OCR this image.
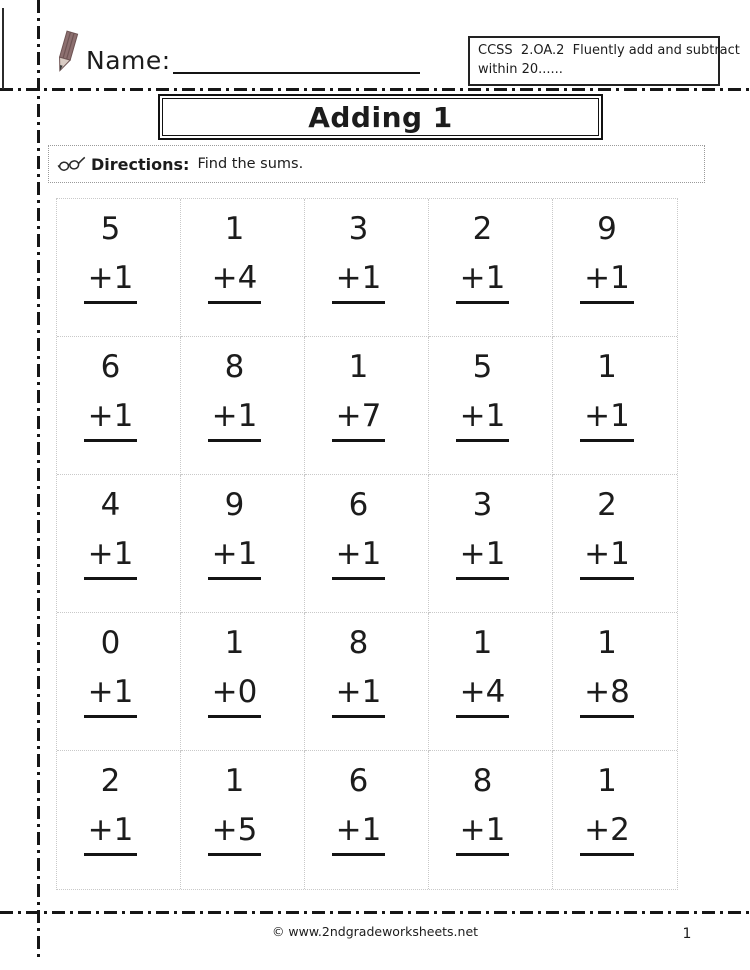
Name:	CCSS  2.OA.2  Fluently add and subtract
within 20......
Adding 1
Directions: Find the sums.
5
+1
1
+4
3
+1
2
+1
9
+1
6
+1
8
+1
1
+7
5
+1
1
+1
4
+1
9
+1
6
+1
3
+1
2
+1
0
+1
1
+0
8
+1
1
+4
1
+8
2
+1
1
+5
6
+1
8
+1
1
+2
© www.2ndgradeworksheets.net	1
